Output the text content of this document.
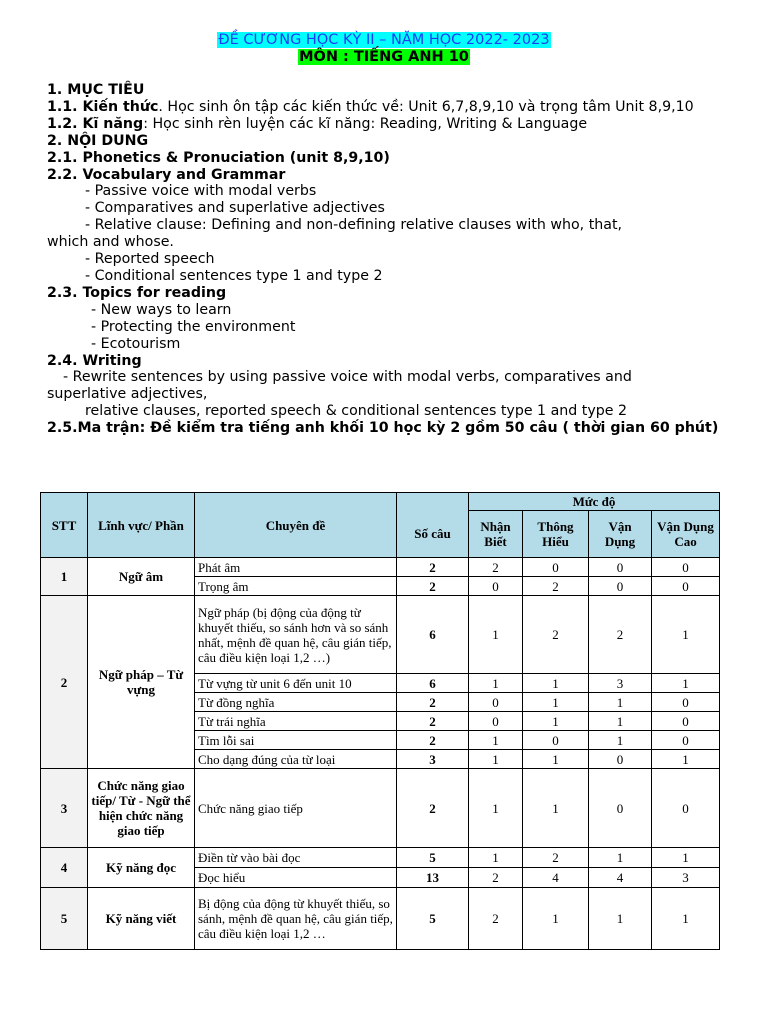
ĐỀ CƯƠNG HỌC KỲ II – NĂM HỌC 2022- 2023
MÔN : TIẾNG ANH 10

1. MỤC TIÊU

1.1. Kiến thức. Học sinh ôn tập các kiến thức về: Unit 6,7,8,9,10 và trọng tâm Unit 8,9,10

1.2. Kĩ năng: Học sinh rèn luyện các kĩ năng: Reading, Writing & Language

2. NỘI DUNG

2.1. Phonetics & Pronuciation (unit 8,9,10)

2.2. Vocabulary and Grammar

- Passive voice with modal verbs

- Comparatives and superlative adjectives

- Relative clause: Defining and non-defining relative clauses with who, that,

which and whose.

- Reported speech

- Conditional sentences type 1 and type 2

2.3. Topics for reading

- New ways to learn

- Protecting the environment

- Ecotourism

2.4. Writing

- Rewrite sentences by using passive voice with modal verbs, comparatives and

superlative adjectives,

relative clauses, reported speech & conditional sentences type 1 and type 2

2.5.Ma trận: Đề kiểm tra tiếng anh khối 10 học kỳ 2 gồm 50 câu ( thời gian 60 phút)

STT	Lĩnh vực/ Phần	Chuyên đề		Mức độ			
			Số câu	Nhận Biết	Thông Hiểu	Vận Dụng	Vận Dụng Cao
1	Ngữ âm	Phát âm	2	2	0	0	0
		Trọng âm	2	0	2	0	0
2	Ngữ pháp – Từ vựng	Ngữ pháp (bị động của động từ khuyết thiếu, so sánh hơn và so sánh nhất, mệnh đề quan hệ, câu gián tiếp, câu điều kiện loại 1,2 …)	6	1	2	2	1
		Từ vựng từ unit 6 đến unit 10	6	1	1	3	1
		Từ đồng nghĩa	2	0	1	1	0
		Từ trái nghĩa	2	0	1	1	0
		Tìm lỗi sai	2	1	0	1	0
		Cho dạng đúng của từ loại	3	1	1	0	1
3	Chức năng giao tiếp/ Từ - Ngữ thể hiện chức năng giao tiếp	Chức năng giao tiếp	2	1	1	0	0
4	Kỹ năng đọc	Điền từ vào bài đọc	5	1	2	1	1
		Đọc hiểu	13	2	4	4	3
5	Kỹ năng viết	Bị động của động từ khuyết thiếu, so sánh, mệnh đề quan hệ, câu gián tiếp, câu điều kiện loại 1,2 …	5	2	1	1	1
